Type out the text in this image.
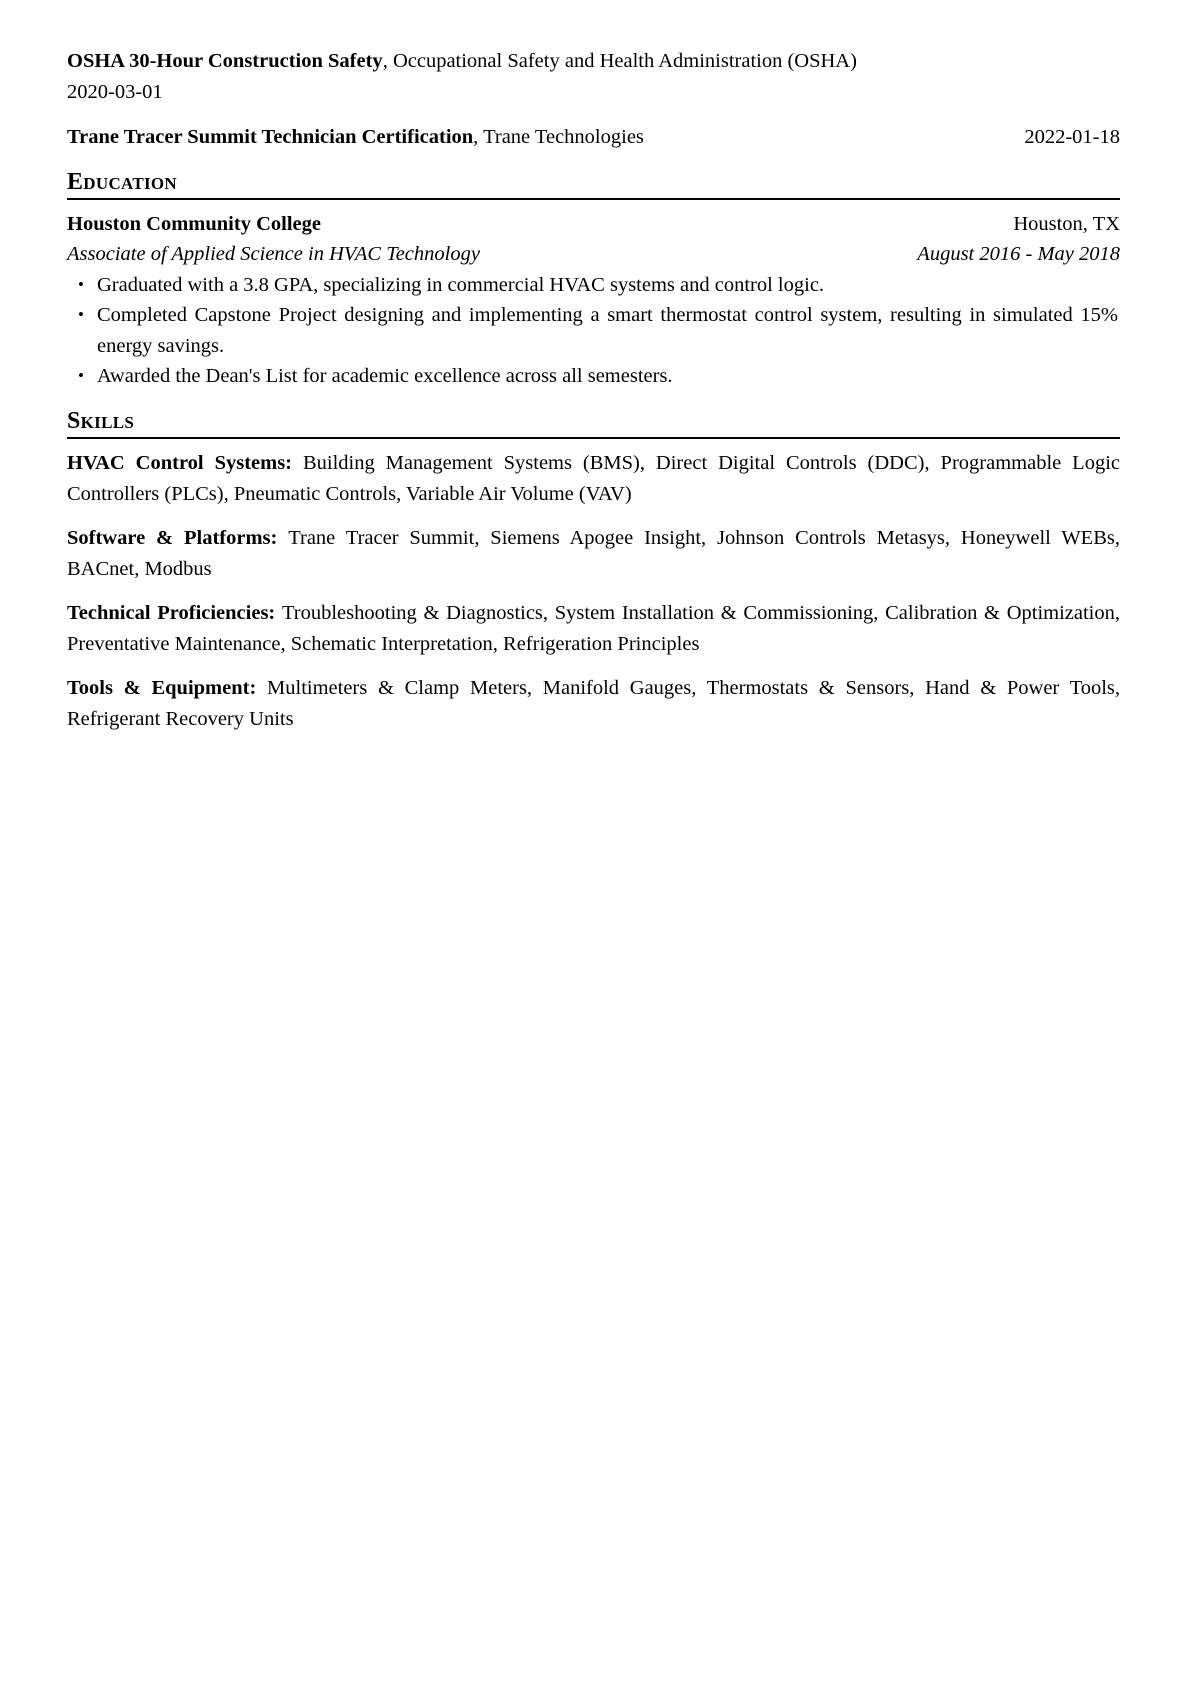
OSHA 30-Hour Construction Safety, Occupational Safety and Health Administration (OSHA)
2020-03-01
2022-01-18
Trane Tracer Summit Technician Certification, Trane Technologies
Education
Houston Community College	Houston, TX
Associate of Applied Science in HVAC Technology	August 2016 - May 2018
• Graduated with a 3.8 GPA, specializing in commercial HVAC systems and control logic.
• Completed Capstone Project designing and implementing a smart thermostat control system, resulting in simulated 15% energy savings.
• Awarded the Dean's List for academic excellence across all semesters.
Skills
HVAC Control Systems: Building Management Systems (BMS), Direct Digital Controls (DDC), Programmable Logic Controllers (PLCs), Pneumatic Controls, Variable Air Volume (VAV)
Software & Platforms: Trane Tracer Summit, Siemens Apogee Insight, Johnson Controls Metasys, Honeywell WEBs, BACnet, Modbus
Technical Proficiencies: Troubleshooting & Diagnostics, System Installation & Commissioning, Calibration & Optimization, Preventative Maintenance, Schematic Interpretation, Refrigeration Principles
Tools & Equipment: Multimeters & Clamp Meters, Manifold Gauges, Thermostats & Sensors, Hand & Power Tools, Refrigerant Recovery Units
